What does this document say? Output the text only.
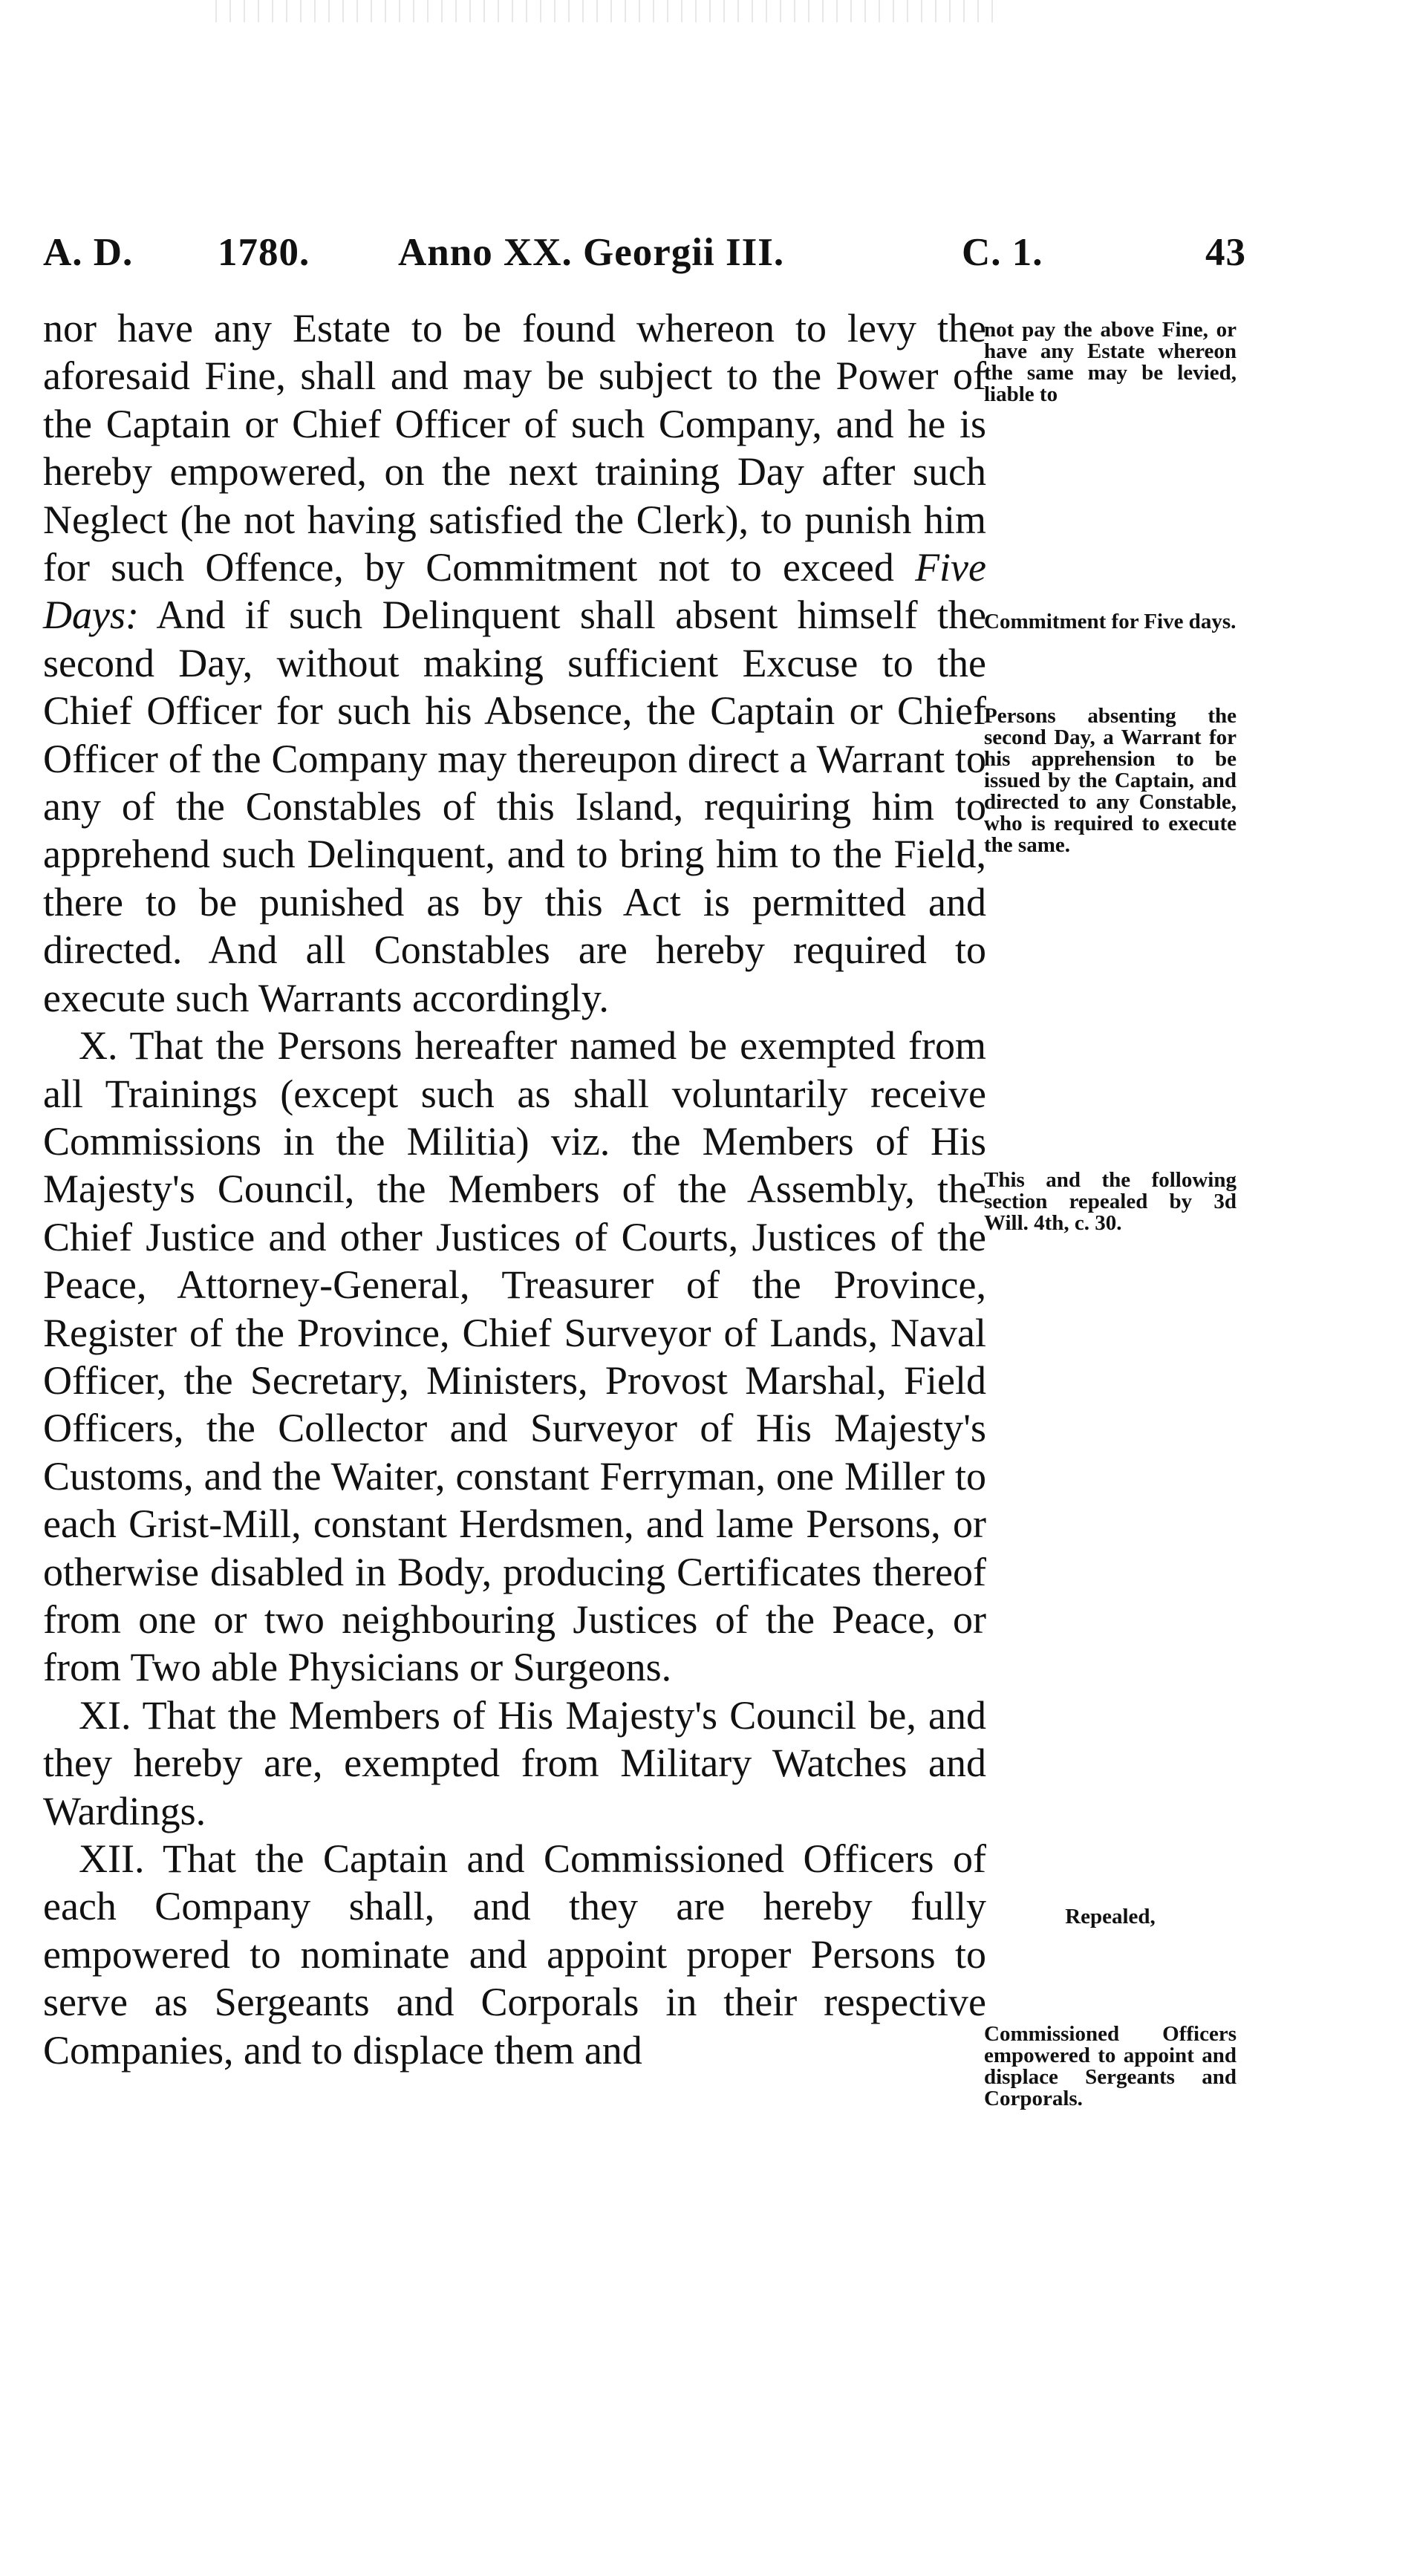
A. D. 1780. Anno XX. Georgii III.	C. 1.	43

nor have any Estate to be found whereon to levy the aforesaid Fine, shall and may be subject to the Power of the Captain or Chief Officer of such Company, and he is hereby empowered, on the next training Day after such Neglect (he not having satisfied the Clerk), to punish him for such Offence, by Commitment not to exceed Five Days: And if such Delinquent shall absent himself the second Day, without making sufficient Excuse to the Chief Officer for such his Absence, the Captain or Chief Officer of the Company may thereupon direct a Warrant to any of the Constables of this Island, requiring him to apprehend such Delinquent, and to bring him to the Field, there to be punished as by this Act is permitted and directed. And all Constables are hereby required to execute such Warrants accordingly.

X. That the Persons hereafter named be exempted from all Trainings (except such as shall voluntarily receive Commissions in the Militia) viz. the Members of His Majesty's Council, the Members of the Assembly, the Chief Justice and other Justices of Courts, Justices of the Peace, Attorney-General, Treasurer of the Province, Register of the Province, Chief Surveyor of Lands, Naval Officer, the Secretary, Ministers, Provost Marshal, Field Officers, the Collector and Surveyor of His Majesty's Customs, and the Waiter, constant Ferryman, one Miller to each Grist-Mill, constant Herdsmen, and lame Persons, or otherwise disabled in Body, producing Certificates thereof from one or two neighbouring Justices of the Peace, or from Two able Physicians or Surgeons.

XI. That the Members of His Majesty's Council be, and they hereby are, exempted from Military Watches and Wardings.

XII. That the Captain and Commissioned Officers of each Company shall, and they are hereby fully empowered to nominate and appoint proper Persons to serve as Sergeants and Corporals in their respective Companies, and to displace them and

not pay the above Fine, or have any Estate whereon the same may be levied, liable to

Commitment for Five days.

Persons absenting the second Day, a Warrant for his apprehension to be issued by the Captain, and directed to any Constable, who is required to execute the same.

This and the following section repealed by 3d Will. 4th, c. 30.

Repealed,

Commissioned Officers empowered to appoint and displace Sergeants and Corporals.
